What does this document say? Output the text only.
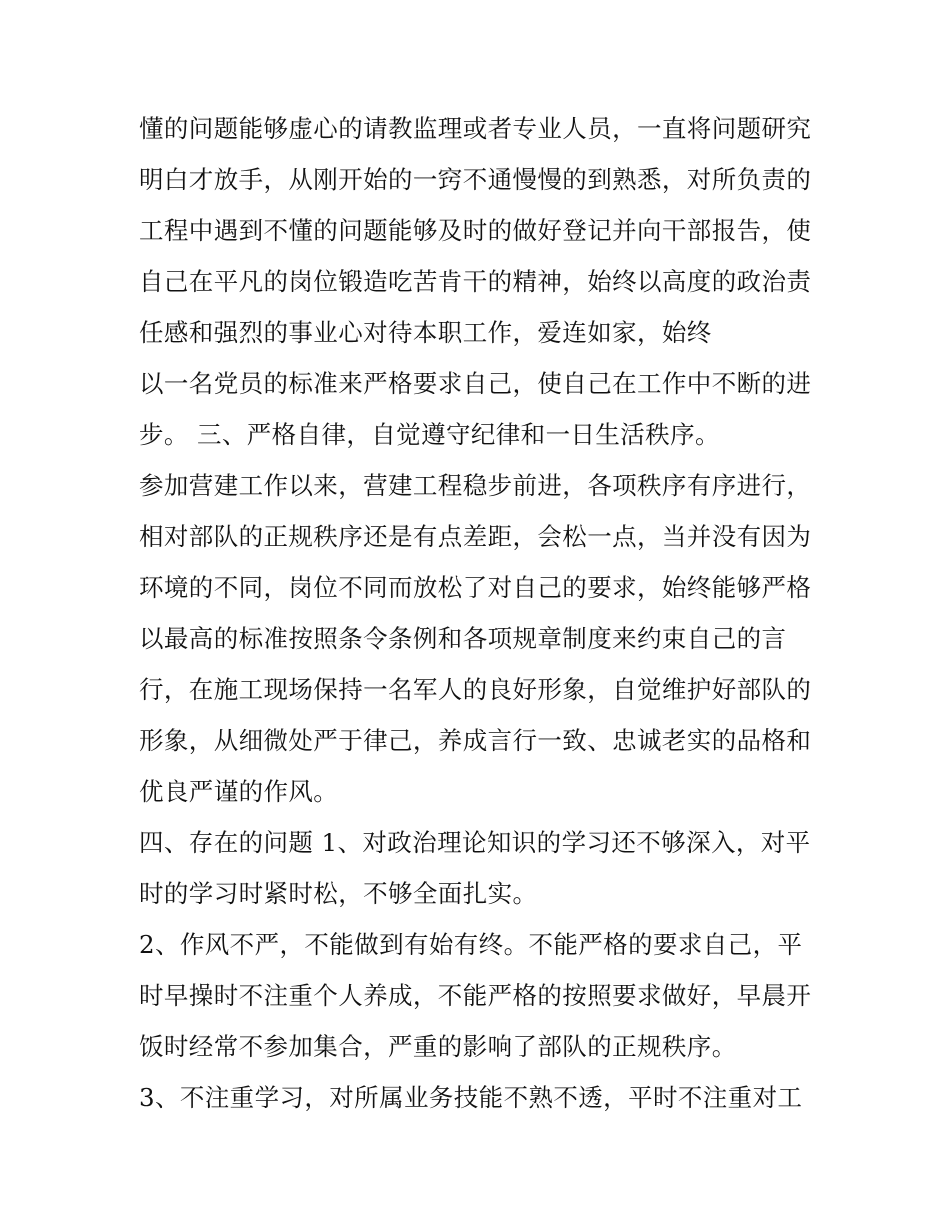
懂的问题能够虚心的请教监理或者专业人员，一直将问题研究
明白才放手，从刚开始的一窍不通慢慢的到熟悉，对所负责的
工程中遇到不懂的问题能够及时的做好登记并向干部报告，使
自己在平凡的岗位锻造吃苦肯干的精神，始终以高度的政治责
任感和强烈的事业心对待本职工作，爱连如家，始终
以一名党员的标准来严格要求自己，使自己在工作中不断的进
步。 三、严格自律，自觉遵守纪律和一日生活秩序。
参加营建工作以来，营建工程稳步前进，各项秩序有序进行，
相对部队的正规秩序还是有点差距，会松一点，当并没有因为
环境的不同，岗位不同而放松了对自己的要求，始终能够严格
以最高的标准按照条令条例和各项规章制度来约束自己的言
行，在施工现场保持一名军人的良好形象，自觉维护好部队的
形象，从细微处严于律己，养成言行一致、忠诚老实的品格和
优良严谨的作风。
四、存在的问题 1、对政治理论知识的学习还不够深入，对平
时的学习时紧时松，不够全面扎实。
2、作风不严，不能做到有始有终。不能严格的要求自己，平
时早操时不注重个人养成，不能严格的按照要求做好，早晨开
饭时经常不参加集合，严重的影响了部队的正规秩序。
3、不注重学习，对所属业务技能不熟不透，平时不注重对工
